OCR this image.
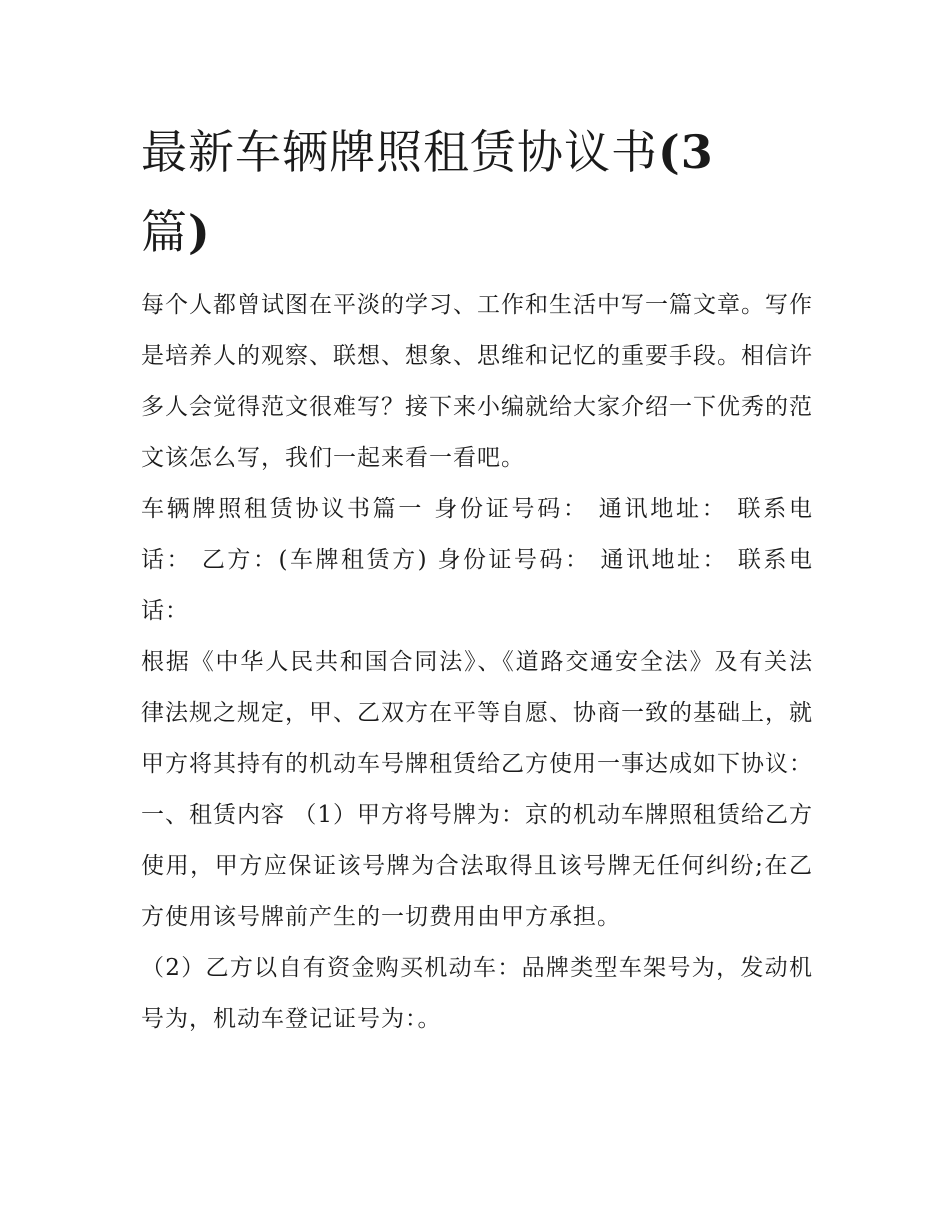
最新车辆牌照租赁协议书(3
篇)

每个人都曾试图在平淡的学习、工作和生活中写一篇文章。写作是培养人的观察、联想、想象、思维和记忆的重要手段。相信许多人会觉得范文很难写？接下来小编就给大家介绍一下优秀的范文该怎么写，我们一起来看一看吧。

车辆牌照租赁协议书篇一 身份证号码： 通讯地址： 联系电话： 乙方：(车牌租赁方) 身份证号码： 通讯地址： 联系电话：

根据《中华人民共和国合同法》、《道路交通安全法》及有关法律法规之规定，甲、乙双方在平等自愿、协商一致的基础上，就甲方将其持有的机动车号牌租赁给乙方使用一事达成如下协议：

一、租赁内容 （1）甲方将号牌为：京的机动车牌照租赁给乙方使用，甲方应保证该号牌为合法取得且该号牌无任何纠纷;在乙方使用该号牌前产生的一切费用由甲方承担。

（2）乙方以自有资金购买机动车：品牌类型车架号为，发动机号为，机动车登记证号为：。
